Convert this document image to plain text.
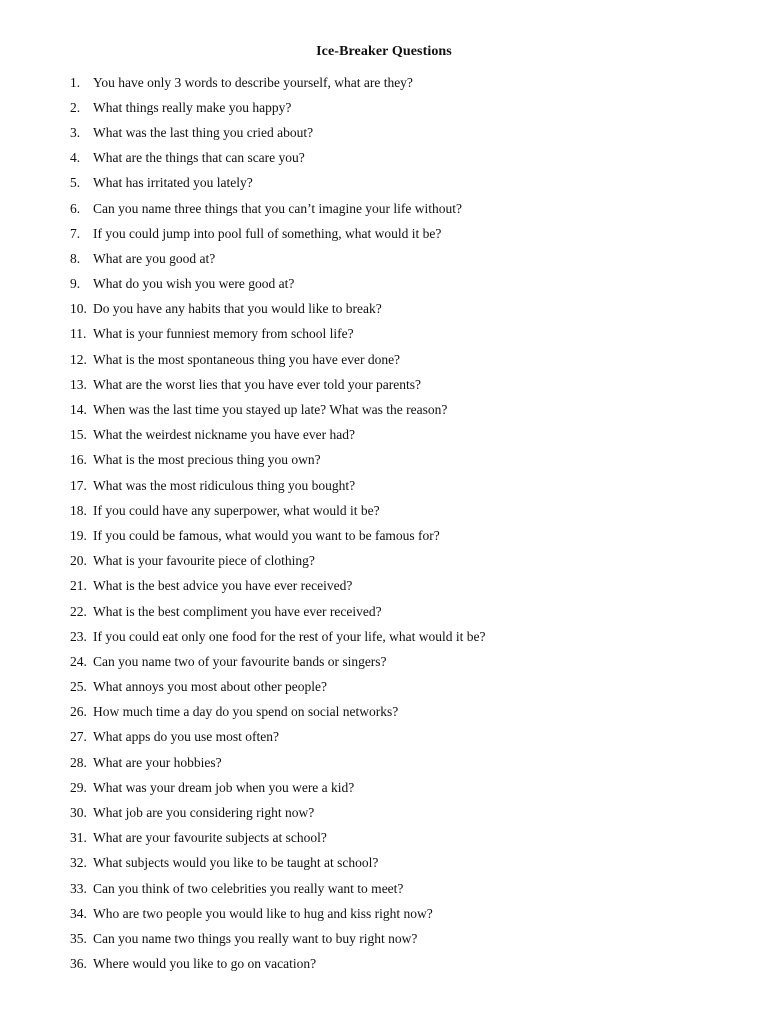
Ice-Breaker Questions
1. You have only 3 words to describe yourself, what are they?
2. What things really make you happy?
3. What was the last thing you cried about?
4. What are the things that can scare you?
5. What has irritated you lately?
6. Can you name three things that you can’t imagine your life without?
7. If you could jump into pool full of something, what would it be?
8. What are you good at?
9. What do you wish you were good at?
10. Do you have any habits that you would like to break?
11. What is your funniest memory from school life?
12. What is the most spontaneous thing you have ever done?
13. What are the worst lies that you have ever told your parents?
14. When was the last time you stayed up late? What was the reason?
15. What the weirdest nickname you have ever had?
16. What is the most precious thing you own?
17. What was the most ridiculous thing you bought?
18. If you could have any superpower, what would it be?
19. If you could be famous, what would you want to be famous for?
20. What is your favourite piece of clothing?
21. What is the best advice you have ever received?
22. What is the best compliment you have ever received?
23. If you could eat only one food for the rest of your life, what would it be?
24. Can you name two of your favourite bands or singers?
25. What annoys you most about other people?
26. How much time a day do you spend on social networks?
27. What apps do you use most often?
28. What are your hobbies?
29. What was your dream job when you were a kid?
30. What job are you considering right now?
31. What are your favourite subjects at school?
32. What subjects would you like to be taught at school?
33. Can you think of two celebrities you really want to meet?
34. Who are two people you would like to hug and kiss right now?
35. Can you name two things you really want to buy right now?
36. Where would you like to go on vacation?
